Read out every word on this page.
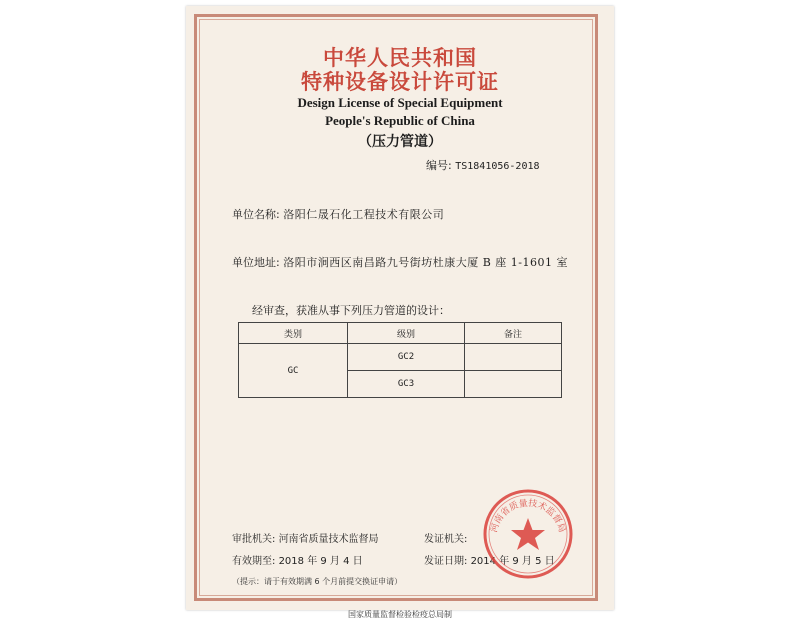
中华人民共和国
特种设备设计许可证
Design License of Special Equipment
People's Republic of China
（压力管道）
编号: TS1841056-2018
单位名称: 洛阳仁晟石化工程技术有限公司
单位地址: 洛阳市涧西区南昌路九号街坊杜康大厦 B 座 1-1601 室
经审查，获准从事下列压力管道的设计：
类别	级别	备注
GC	GC2	
	GC3	
审批机关: 河南省质量技术监督局	发证机关:
有效期至: 2018 年 9 月 4 日	发证日期: 2014 年 9 月 5 日
（提示：请于有效期满 6 个月前提交换证申请）
国家质量监督检验检疫总局制
河南省质量技术监督局
